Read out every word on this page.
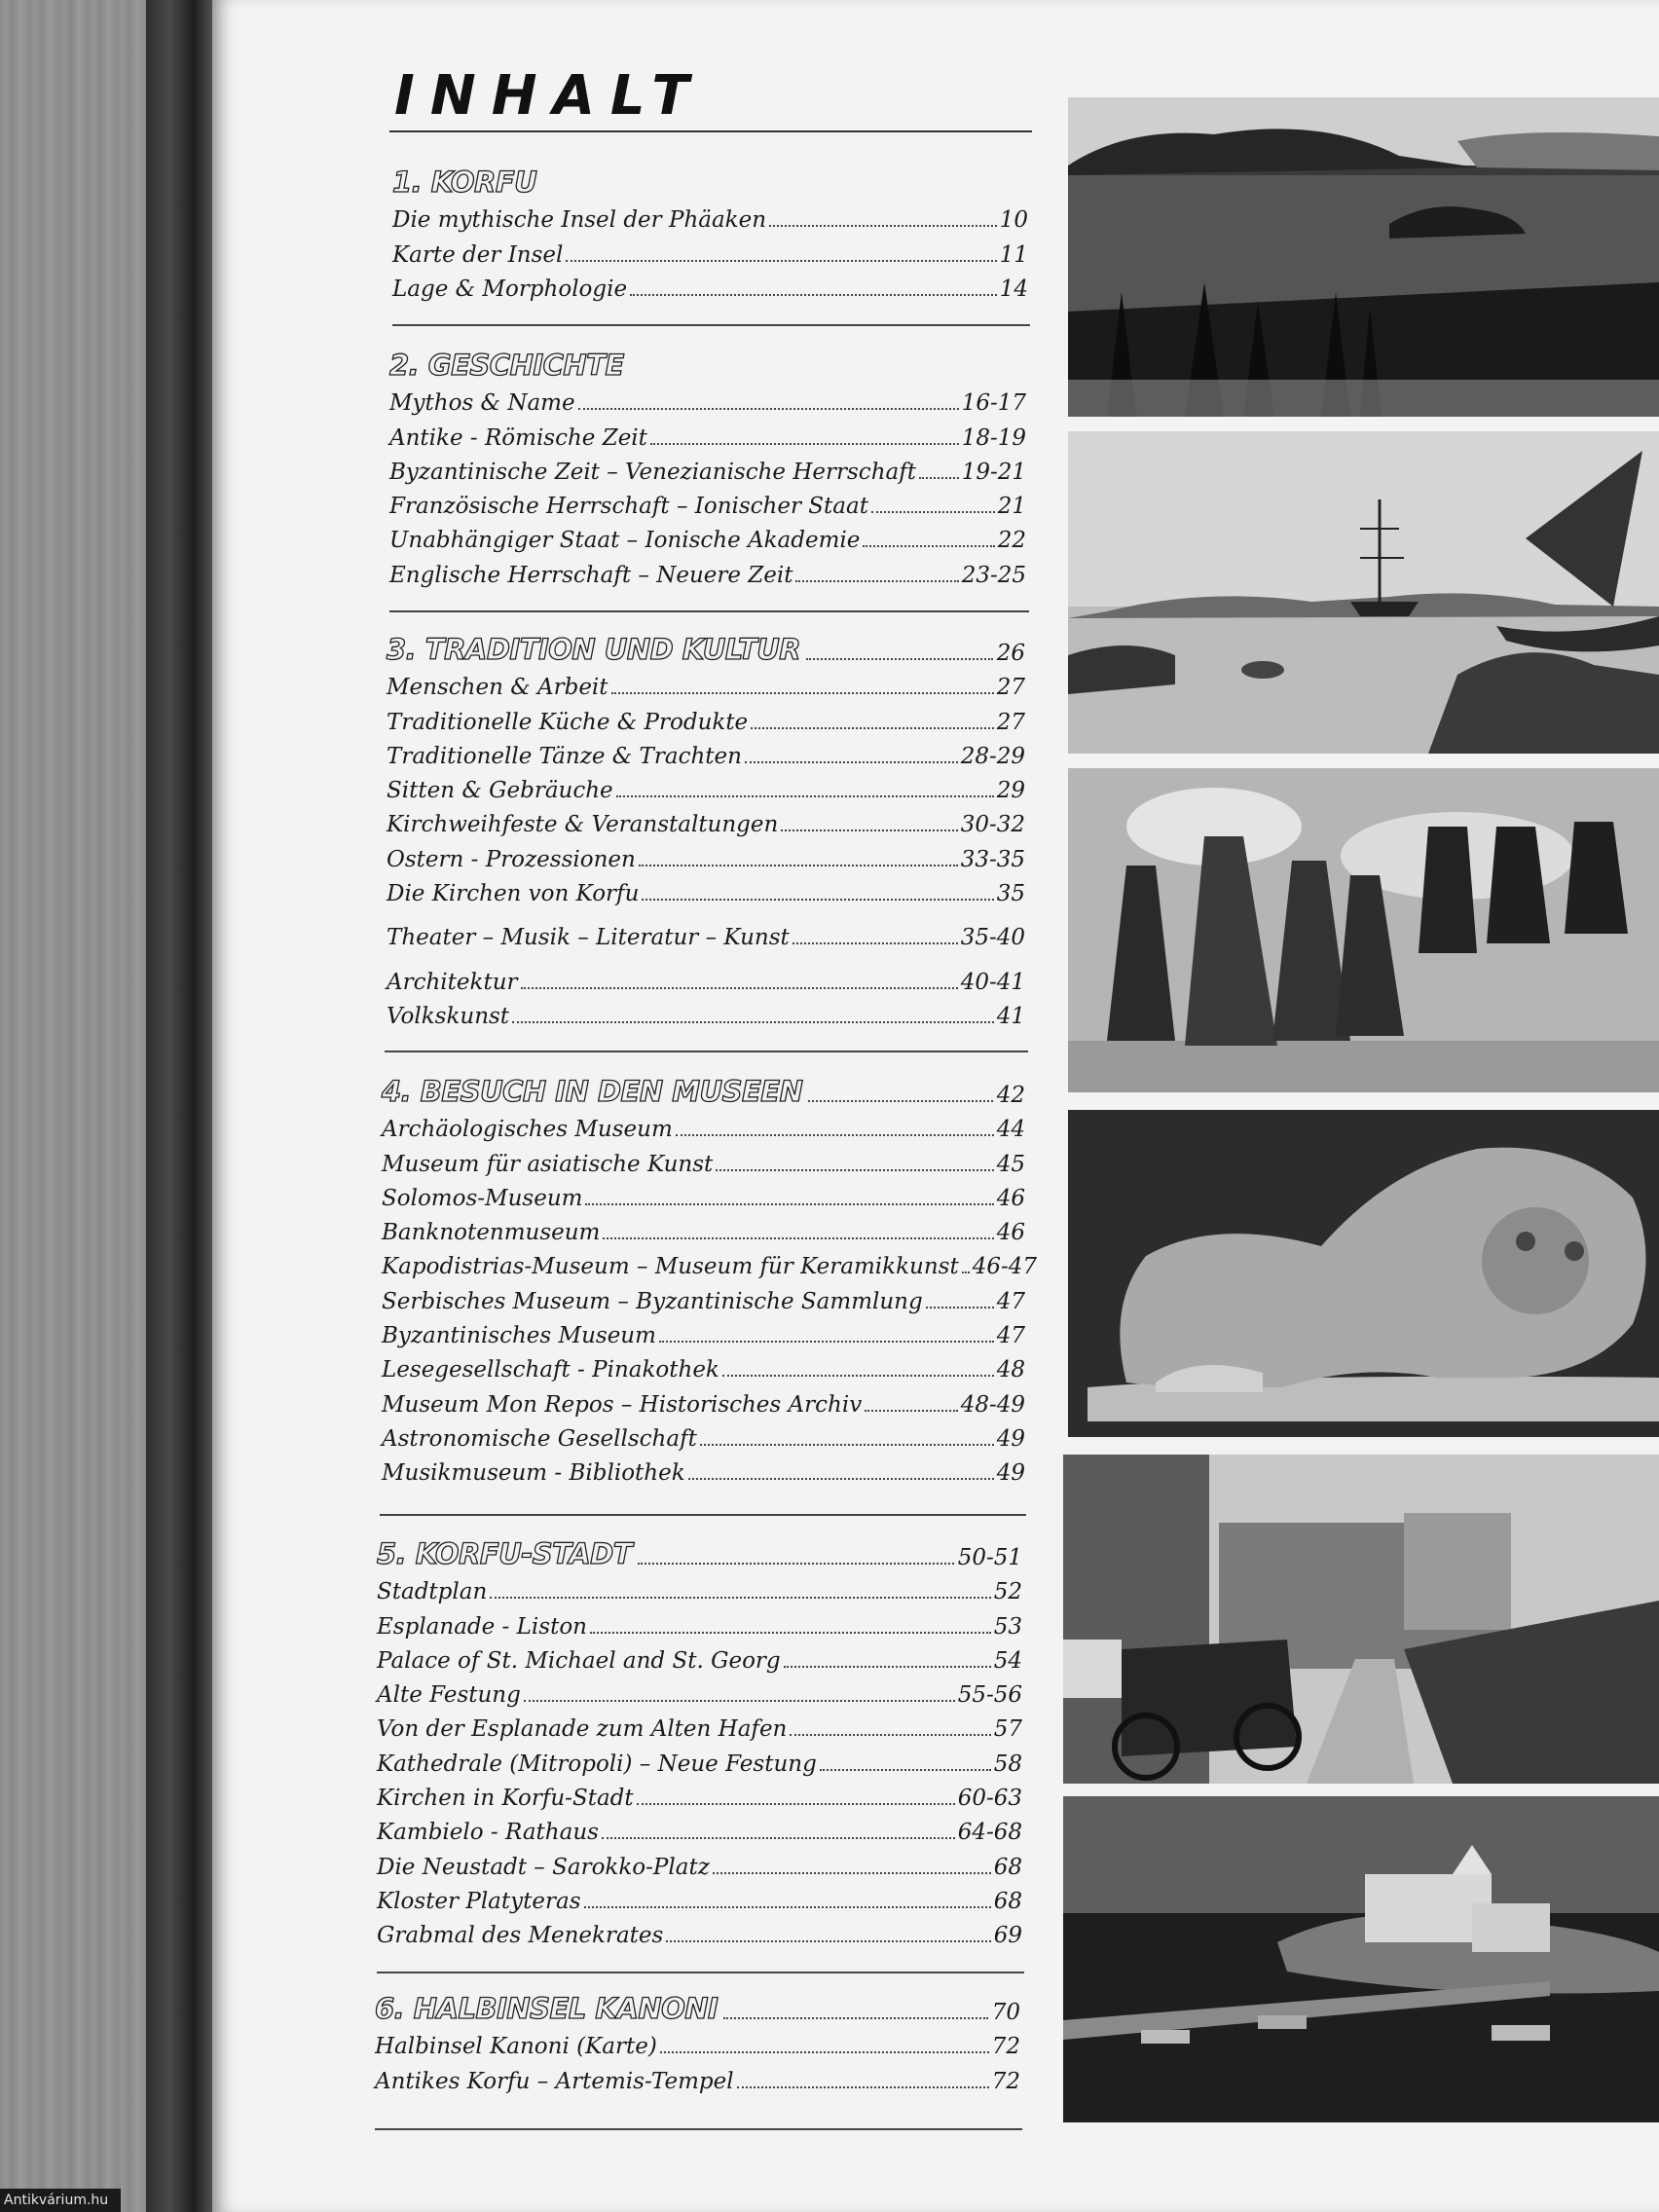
INHALT
1. KORFU
Die mythische Insel der Phäaken	10
Karte der Insel	11
Lage & Morphologie	14
2. GESCHICHTE
Mythos & Name	16-17
Antike - Römische Zeit	18-19
Byzantinische Zeit – Venezianische Herrschaft 19-21
Französische Herrschaft – Ionischer Staat	21
Unabhängiger Staat – Ionische Akademie	22
Englische Herrschaft – Neuere Zeit	23-25
3. TRADITION UND KULTUR	26
Menschen & Arbeit	27
Traditionelle Küche & Produkte	27
Traditionelle Tänze & Trachten	28-29
Sitten & Gebräuche	29
Kirchweihfeste & Veranstaltungen	30-32
Ostern - Prozessionen	33-35
Die Kirchen von Korfu	35
Theater – Musik – Literatur – Kunst	35-40
Architektur	40-41
Volkskunst	41
4. BESUCH IN DEN MUSEEN	42
Archäologisches Museum	44
Museum für asiatische Kunst	45
Solomos-Museum	46
Banknotenmuseum	46
Kapodistrias-Museum – Museum für Keramikkunst 46-47
Serbisches Museum – Byzantinische Sammlung	47
Byzantinisches Museum	47
Lesegesellschaft - Pinakothek	48
Museum Mon Repos – Historisches Archiv	48-49
Astronomische Gesellschaft	49
Musikmuseum - Bibliothek	49
5. KORFU-STADT	50-51
Stadtplan	52
Esplanade - Liston	53
Palace of St. Michael and St. Georg	54
Alte Festung	55-56
Von der Esplanade zum Alten Hafen	57
Kathedrale (Mitropoli) – Neue Festung	58
Kirchen in Korfu-Stadt	60-63
Kambielo - Rathaus	64-68
Die Neustadt – Sarokko-Platz	68
Kloster Platyteras	68
Grabmal des Menekrates	69
6. HALBINSEL KANONI	70
Halbinsel Kanoni (Karte)	72
Antikes Korfu – Artemis-Tempel	72
Antikvárium.hu
